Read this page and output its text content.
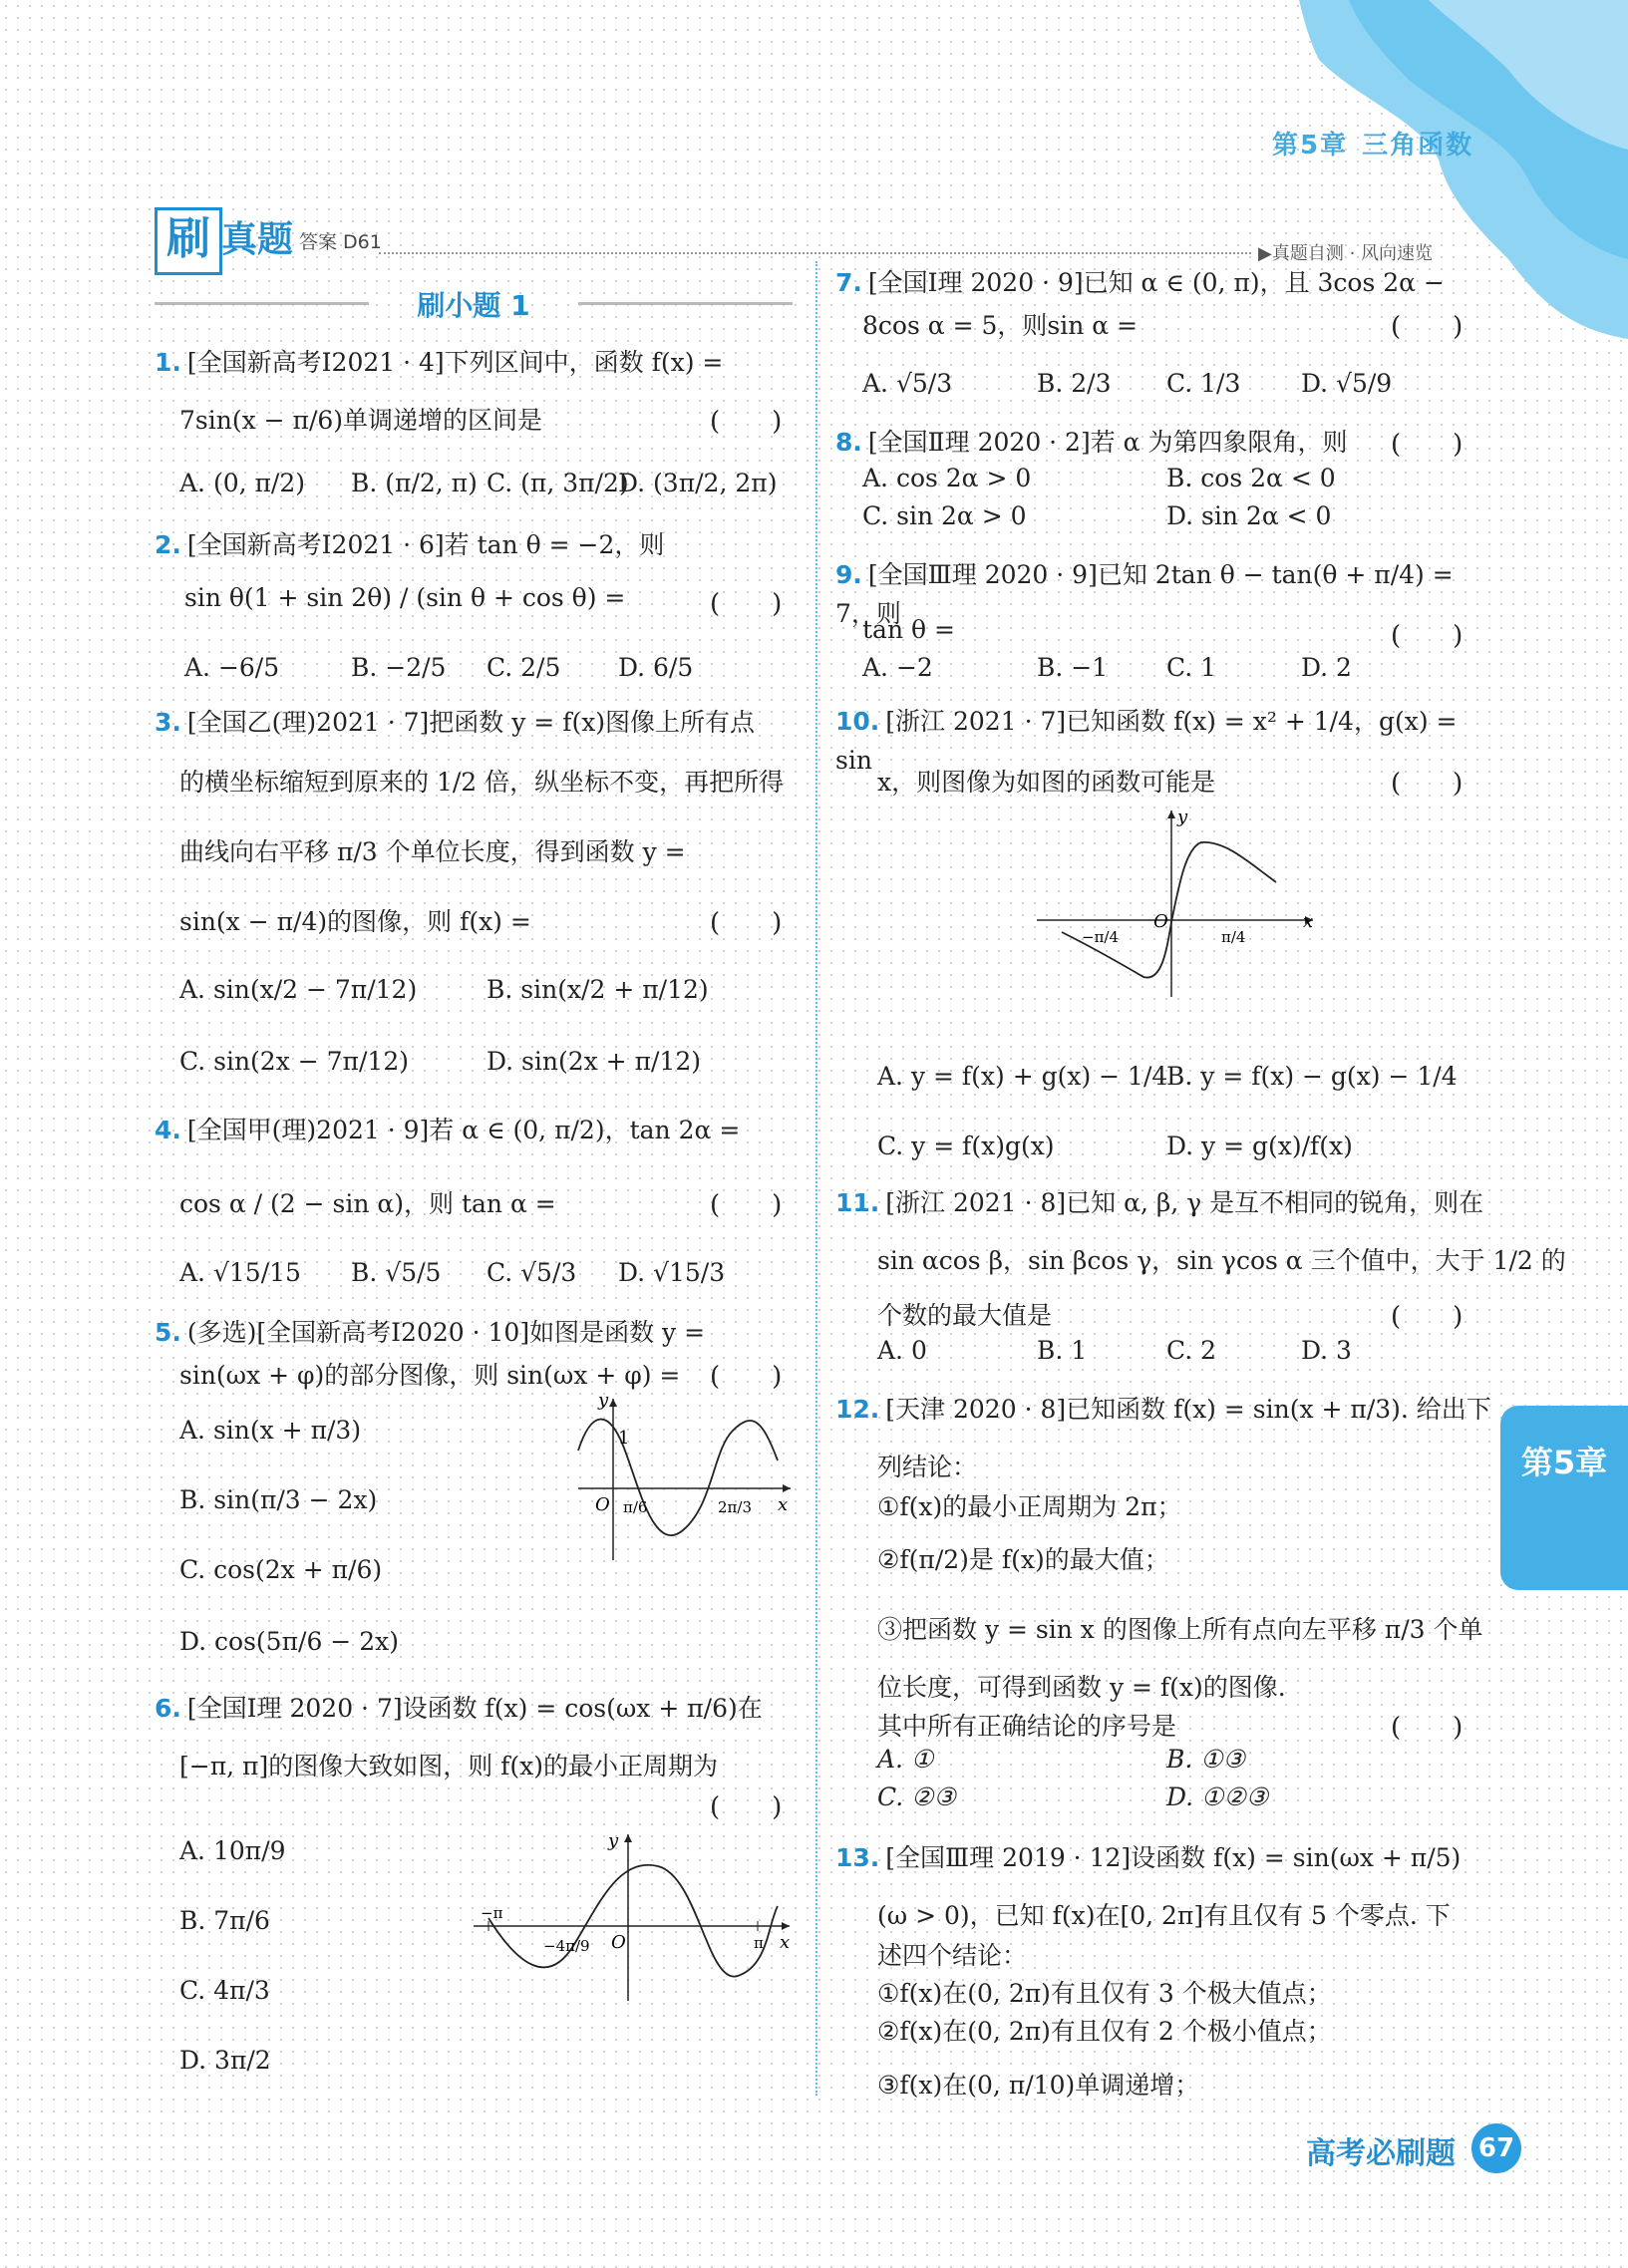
第5章 三角函数
刷 真题 答案 D61
▶真题自测 · 风向速览
刷小题 1
1. [全国新高考Ⅰ2021 · 4]下列区间中，函数 f(x) =
7sin(x − π/6)单调递增的区间是	(　　)
A. (0, π/2) B. (π/2, π) C. (π, 3π/2)
D. (3π/2, 2π)
2. [全国新高考Ⅰ2021 · 6]若 tan θ = −2，则
sin θ(1 + sin 2θ) / (sin θ + cos θ) =	(　　)
A. −6/5	B. −2/5 C. 2/5 D. 6/5
3. [全国乙(理)2021 · 7]把函数 y = f(x)图像上所有点
的横坐标缩短到原来的 1/2 倍，纵坐标不变，再把所得
曲线向右平移 π/3 个单位长度，得到函数 y =
sin(x − π/4)的图像，则 f(x) =	(　　)
A. sin(x/2 − 7π/12)	B. sin(x/2 + π/12)
C. sin(2x − 7π/12)	D. sin(2x + π/12)
4. [全国甲(理)2021 · 9]若 α ∈ (0, π/2)，tan 2α =
cos α / (2 − sin α)，则 tan α =	(　　)
A. √15/15 B. √5/5 C. √5/3 D. √15/3
5. (多选)[全国新高考Ⅰ2020 · 10]如图是函数 y =
sin(ωx + φ)的部分图像，则 sin(ωx + φ) = (　　)
A. sin(x + π/3)
B. sin(π/3 − 2x)
C. cos(2x + π/6)
D. cos(5π/6 − 2x)
y
1
O	x
π/6	2π/3
6. [全国Ⅰ理 2020 · 7]设函数 f(x) = cos(ωx + π/6)在
[−π, π]的图像大致如图，则 f(x)的最小正周期为
(　　)
A. 10π/9
B. 7π/6
C. 4π/3
D. 3π/2
y
O	x
−π
π
−4π/9
7. [全国Ⅰ理 2020 · 9]已知 α ∈ (0, π)，且 3cos 2α −
8cos α = 5，则sin α =	(　　)
A. √5/3	B. 2/3 C. 1/3 D. √5/9
8. [全国Ⅱ理 2020 · 2]若 α 为第四象限角，则	(　　)
A. cos 2α > 0	B. cos 2α < 0
C. sin 2α > 0	D. sin 2α < 0
9. [全国Ⅲ理 2020 · 9]已知 2tan θ − tan(θ + π/4) = 7，则
tan θ =	(　　)
A. −2	B. −1 C. 1	D. 2
10. [浙江 2021 · 7]已知函数 f(x) = x² + 1/4，g(x) = sin
x，则图像为如图的函数可能是	(　　)
y
O	x
−π/4	π/4
A. y = f(x) + g(x) − 1/4
B. y = f(x) − g(x) − 1/4
C. y = f(x)g(x)	D. y = g(x)/f(x)
11. [浙江 2021 · 8]已知 α, β, γ 是互不相同的锐角，则在
sin αcos β，sin βcos γ，sin γcos α 三个值中，大于 1/2 的
个数的最大值是	(　　)
A. 0	B. 1	C. 2	D. 3
12. [天津 2020 · 8]已知函数 f(x) = sin(x + π/3). 给出下
列结论：
①f(x)的最小正周期为 2π；
②f(π/2)是 f(x)的最大值；
③把函数 y = sin x 的图像上所有点向左平移 π/3 个单
位长度，可得到函数 y = f(x)的图像.
其中所有正确结论的序号是	(　　)
A. ①	B. ①③
C. ②③	D. ①②③
13. [全国Ⅲ理 2019 · 12]设函数 f(x) = sin(ωx + π/5)
(ω > 0)，已知 f(x)在[0, 2π]有且仅有 5 个零点. 下
述四个结论：
①f(x)在(0, 2π)有且仅有 3 个极大值点；
②f(x)在(0, 2π)有且仅有 2 个极小值点；
③f(x)在(0, π/10)单调递增；
第5章
高考必刷题 67
